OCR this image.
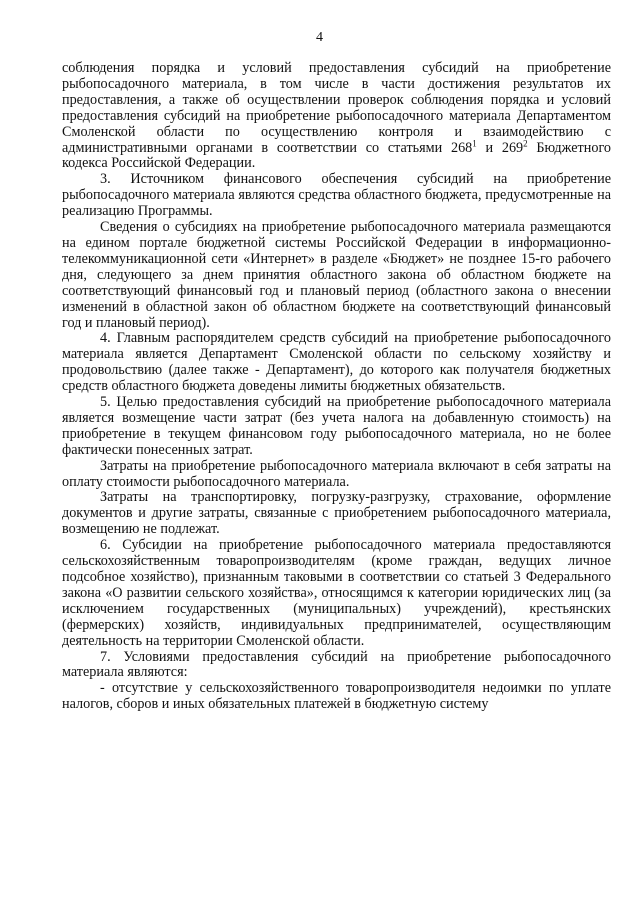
4

соблюдения порядка и условий предоставления субсидий на приобретение рыбопосадочного материала, в том числе в части достижения результатов их предоставления, а также об осуществлении проверок соблюдения порядка и условий предоставления субсидий на приобретение рыбопосадочного материала Департаментом Смоленской области по осуществлению контроля и взаимодействию с административными органами в соответствии со статьями $268^1$ и $269^2$ Бюджетного кодекса Российской Федерации.

3. Источником финансового обеспечения субсидий на приобретение рыбопосадочного материала являются средства областного бюджета, предусмотренные на реализацию Программы.

Сведения о субсидиях на приобретение рыбопосадочного материала размещаются на едином портале бюджетной системы Российской Федерации в информационно-телекоммуникационной сети «Интернет» в разделе «Бюджет» не позднее 15-го рабочего дня, следующего за днем принятия областного закона об областном бюджете на соответствующий финансовый год и плановый период (областного закона о внесении изменений в областной закон об областном бюджете на соответствующий финансовый год и плановый период).

4. Главным распорядителем средств субсидий на приобретение рыбопосадочного материала является Департамент Смоленской области по сельскому хозяйству и продовольствию (далее также - Департамент), до которого как получателя бюджетных средств областного бюджета доведены лимиты бюджетных обязательств.

5. Целью предоставления субсидий на приобретение рыбопосадочного материала является возмещение части затрат (без учета налога на добавленную стоимость) на приобретение в текущем финансовом году рыбопосадочного материала, но не более фактически понесенных затрат.

Затраты на приобретение рыбопосадочного материала включают в себя затраты на оплату стоимости рыбопосадочного материала.

Затраты на транспортировку, погрузку-разгрузку, страхование, оформление документов и другие затраты, связанные с приобретением рыбопосадочного материала, возмещению не подлежат.

6. Субсидии на приобретение рыбопосадочного материала предоставляются сельскохозяйственным товаропроизводителям (кроме граждан, ведущих личное подсобное хозяйство), признанным таковыми в соответствии со статьей 3 Федерального закона «О развитии сельского хозяйства», относящимся к категории юридических лиц (за исключением государственных (муниципальных) учреждений), крестьянских (фермерских) хозяйств, индивидуальных предпринимателей, осуществляющим деятельность на территории Смоленской области.

7. Условиями предоставления субсидий на приобретение рыбопосадочного материала являются:

- отсутствие у сельскохозяйственного товаропроизводителя недоимки по уплате налогов, сборов и иных обязательных платежей в бюджетную систему
